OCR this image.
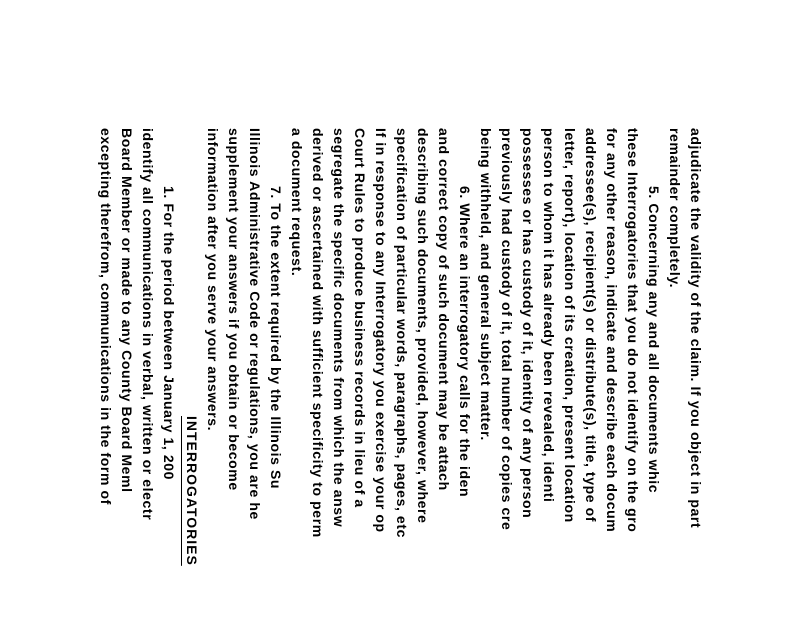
adjudicate the validity of the claim. If you object in part
remainder completely.
5. Concerning any and all documents whic
these Interrogatories that you do not identify on the gro
for any other reason, indicate and describe each docum
addressee(s), recipient(s) or distribute(s), title, type of
letter, report), location of its creation, present location
person to whom it has already been revealed, identi
possesses or has custody of it, identity of any person
previously had custody of it, total number of copies cre
being withheld, and general subject matter.
6. Where an interrogatory calls for the iden
and correct copy of such document may be attach
describing such documents, provided, however, where
specification of particular words, paragraphs, pages, etc
If in response to any Interrogatory you exercise your op
Court Rules to produce business records in lieu of a
segregate the specific documents from which the answ
derived or ascertained with sufficient specificity to perm
a document request.
7. To the extent required by the Illinois Su
Illinois Administrative Code or regulations, you are he
supplement your answers if you obtain or become
information after you serve your answers.
INTERROGATORIES
1. For the period between January 1, 200
identify all communications in verbal, written or electr
Board Member or made to any County Board Meml
excepting therefrom, communications in the form of
